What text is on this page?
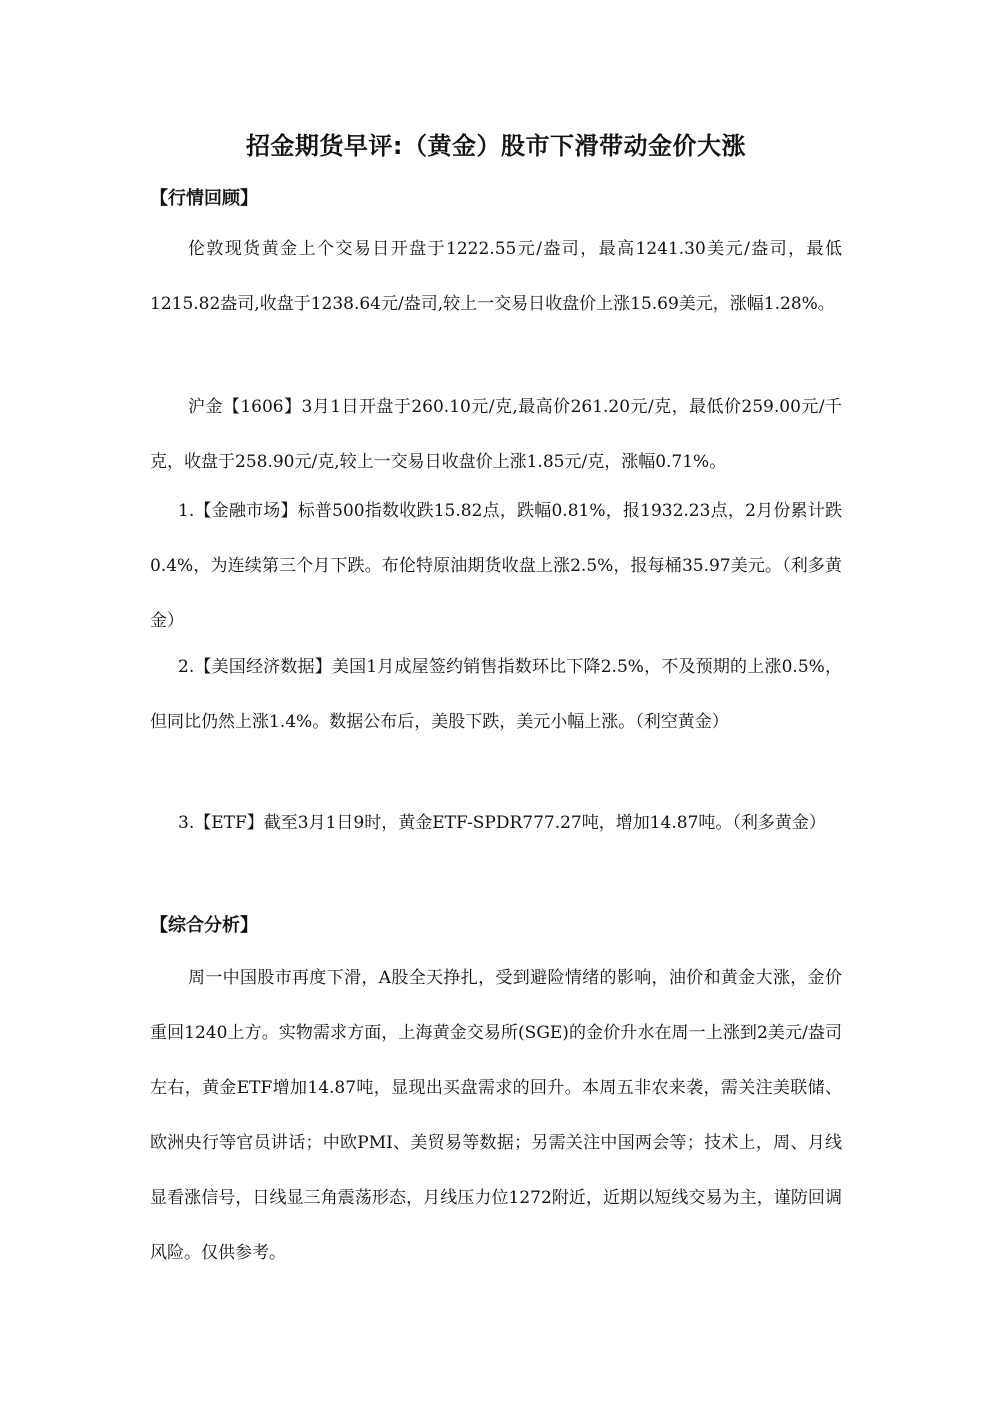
招金期货早评:（黄金）股市下滑带动金价大涨
【行情回顾】
伦敦现货黄金上个交易日开盘于1222.55元/盎司，最高1241.30美元/盎司，最低1215.82盎司,收盘于1238.64元/盎司,较上一交易日收盘价上涨15.69美元，涨幅1.28%。
沪金【1606】3月1日开盘于260.10元/克,最高价261.20元/克，最低价259.00元/千克，收盘于258.90元/克,较上一交易日收盘价上涨1.85元/克，涨幅0.71%。
1.【金融市场】标普500指数收跌15.82点，跌幅0.81%，报1932.23点，2月份累计跌0.4%，为连续第三个月下跌。布伦特原油期货收盘上涨2.5%，报每桶35.97美元。（利多黄金）
2.【美国经济数据】美国1月成屋签约销售指数环比下降2.5%，不及预期的上涨0.5%，但同比仍然上涨1.4%。数据公布后，美股下跌，美元小幅上涨。（利空黄金）
3.【ETF】截至3月1日9时，黄金ETF-SPDR777.27吨，增加14.87吨。（利多黄金）
【综合分析】
周一中国股市再度下滑，A股全天挣扎，受到避险情绪的影响，油价和黄金大涨，金价重回1240上方。实物需求方面，上海黄金交易所(SGE)的金价升水在周一上涨到2美元/盎司左右，黄金ETF增加14.87吨，显现出买盘需求的回升。本周五非农来袭，需关注美联储、欧洲央行等官员讲话；中欧PMI、美贸易等数据；另需关注中国两会等；技术上，周、月线显看涨信号，日线显三角震荡形态，月线压力位1272附近，近期以短线交易为主，谨防回调风险。仅供参考。
